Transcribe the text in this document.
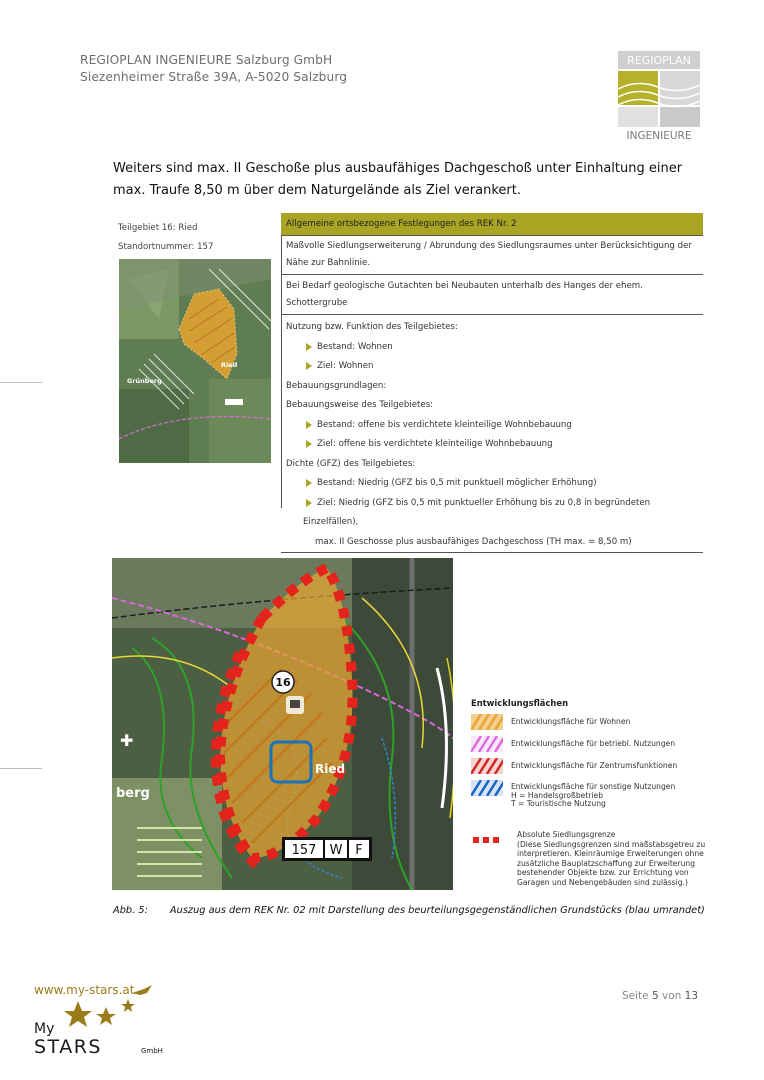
REGIOPLAN INGENIEURE Salzburg GmbH
Siezenheimer Straße 39A, A-5020 Salzburg
REGIOPLAN
INGENIEURE
Weiters sind max. II Geschoße plus ausbaufähiges Dachgeschoß unter Einhaltung einer max. Traufe 8,50 m über dem Naturgelände als Ziel verankert.
Teilgebiet 16: Ried
Standortnummer: 157
Grünberg
Ried
Allgemeine ortsbezogene Festlegungen des REK Nr. 2
Maßvolle Siedlungserweiterung / Abrundung des Siedlungsraumes unter Berücksichtigung der Nähe zur Bahnlinie.
Bei Bedarf geologische Gutachten bei Neubauten unterhalb des Hanges der ehem. Schottergrube
Nutzung bzw. Funktion des Teilgebietes:
Bestand: Wohnen
Ziel: Wohnen
Bebauungsgrundlagen:
Bebauungsweise des Teilgebietes:
Bestand: offene bis verdichtete kleinteilige Wohnbebauung
Ziel: offene bis verdichtete kleinteilige Wohnbebauung
Dichte (GFZ) des Teilgebietes:
Bestand: Niedrig (GFZ bis 0,5 mit punktuell möglicher Erhöhung)
Ziel: Niedrig (GFZ bis 0,5 mit punktueller Erhöhung bis zu 0,8 in begründeten Einzelfällen),
max. II Geschosse plus ausbaufähiges Dachgeschoss (TH max. = 8,50 m)
16
✚
Ried
berg
157 W F
Entwicklungsflächen
Entwicklungsfläche für Wohnen
Entwicklungsfläche für betriebl. Nutzungen
Entwicklungsfläche für Zentrumsfunktionen
Entwicklungsfläche für sonstige Nutzungen
H = Handelsgroßbetrieb
T = Touristische Nutzung
Absolute Siedlungsgrenze
(Diese Siedlungsgrenzen sind maßstabsgetreu zu
interpretieren. Kleinräumige Erweiterungen ohne
zusätzliche Bauplatzschaffung zur Erweiterung
bestehender Objekte bzw. zur Errichtung von
Garagen und Nebengebäuden sind zulässig.)
Abb. 5: Auszug aus dem REK Nr. 02 mit Darstellung des beurteilungsgegenständlichen Grundstücks (blau umrandet)
www.my-stars.at
My
STARS	GmbH
Seite 5 von 13
